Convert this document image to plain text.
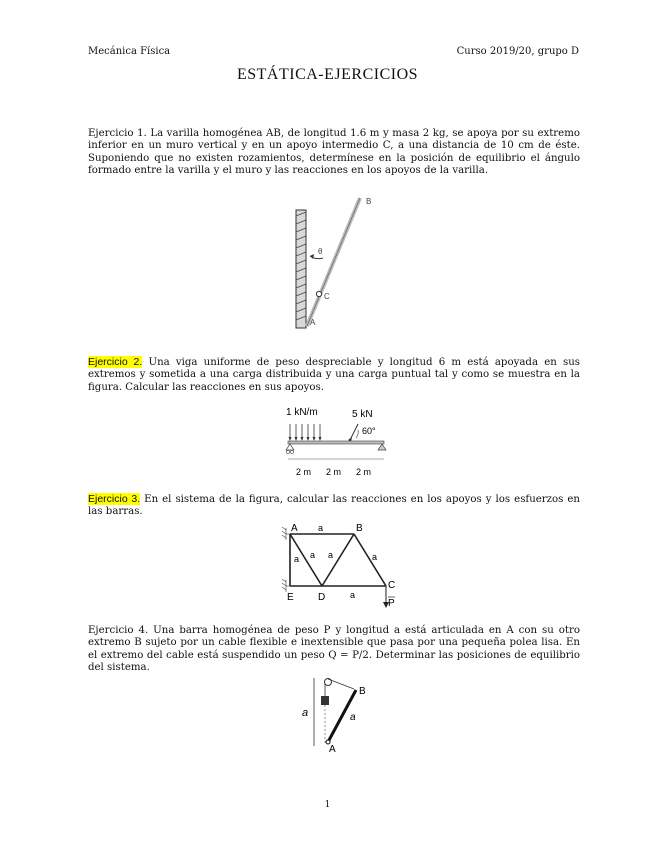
Mecánica Física	Curso 2019/20, grupo D
ESTÁTICA-EJERCICIOS
Ejercicio 1. La varilla homogénea AB, de longitud 1.6 m y masa 2 kg, se apoya por su extremo inferior en un muro vertical y en un apoyo intermedio C, a una distancia de 10 cm de éste. Suponiendo que no existen rozamientos, determínese en la posición de equilibrio el ángulo formado entre la varilla y el muro y las reacciones en los apoyos de la varilla.
B
θ
C
A
Ejercicio 2. Una viga uniforme de peso despreciable y longitud 6 m está apoyada en sus extremos y sometida a una carga distribuida y una carga puntual tal y como se muestra en la figura. Calcular las reacciones en sus apoyos.
1 kN/m	5 kN
60°
2 m 2 m 2 m
Ejercicio 3. En el sistema de la figura, calcular las reacciones en los apoyos y los esfuerzos en las barras.
A	B
C
D
E
a
a a	a
a
a
P
Ejercicio 4. Una barra homogénea de peso P y longitud a está articulada en A con su otro extremo B sujeto por un cable flexible e inextensible que pasa por una pequeña polea lisa. En el extremo del cable está suspendido un peso Q = P/2. Determinar las posiciones de equilibrio del sistema.
a
B
A
a
1
